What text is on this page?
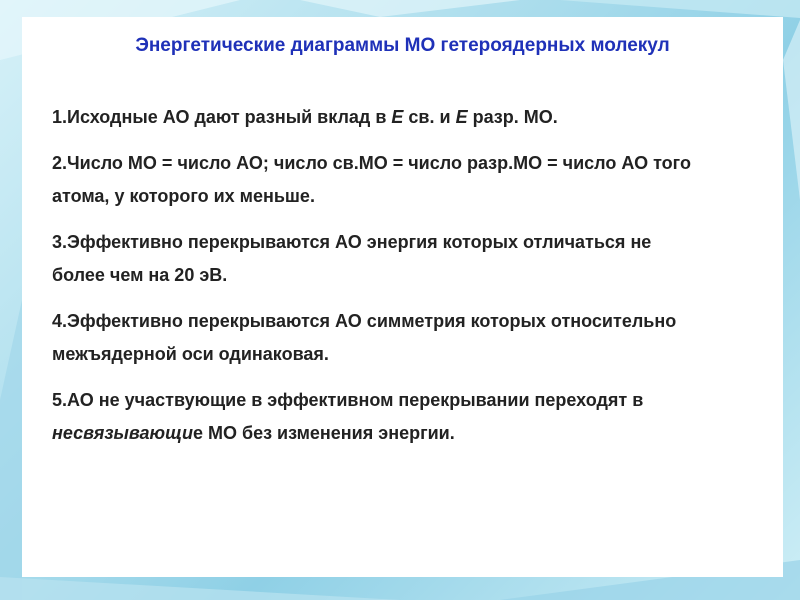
Энергетические диаграммы МО гетероядерных молекул
1.Исходные АО дают разный вклад в E св. и E разр. МО.
2.Число МО = число АО; число св.МО = число разр.МО = число АО того
атома, у которого их меньше.
3.Эффективно перекрываются АО энергия которых отличаться не
более чем на 20 эВ.
4.Эффективно перекрываются АО симметрия которых относительно
межъядерной оси одинаковая.
5.АО не участвующие в эффективном перекрывании переходят в
несвязывающие МО без изменения энергии.
